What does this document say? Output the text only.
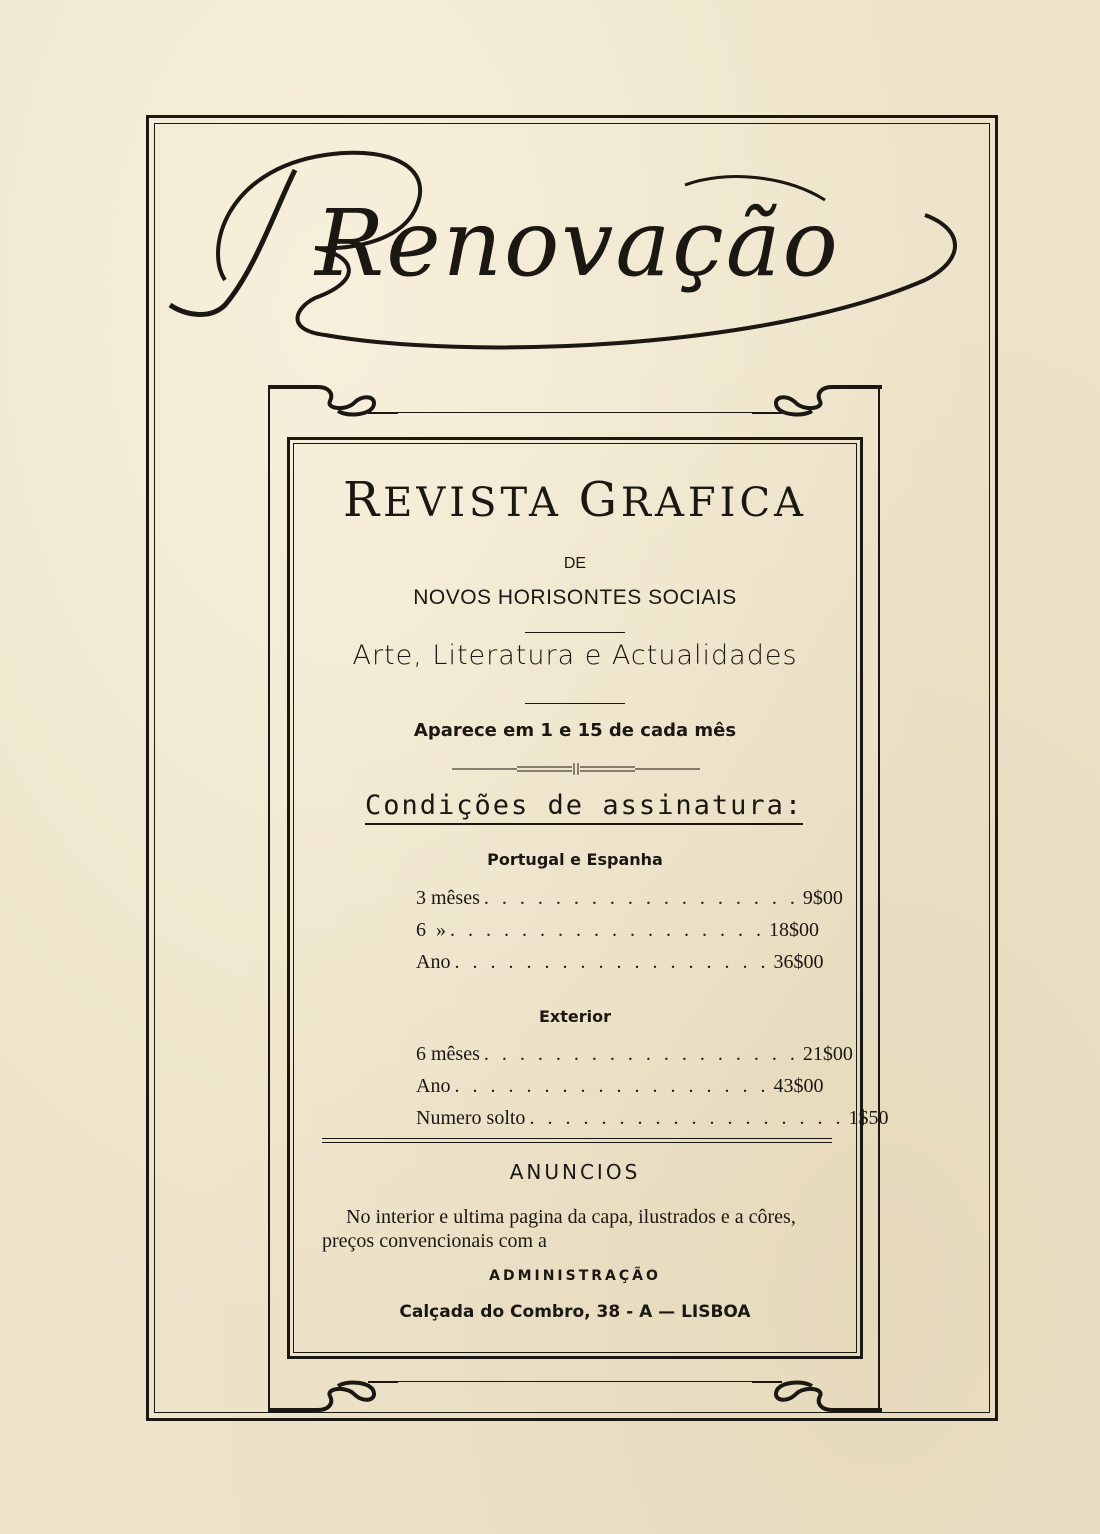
Renovação
REVISTA GRAFICA
DE
NOVOS HORISONTES SOCIAIS
Arte, Literatura e Actualidades
Aparece em 1 e 15 de cada mês
Condições de assinatura:
Portugal e Espanha
3 mêses . . . . . . . . . . . . . . . . . . 9$00
6  » . . . . . . . . . . . . . . . . . . 18$00
Ano . . . . . . . . . . . . . . . . . . 36$00
Exterior
6 mêses . . . . . . . . . . . . . . . . . . 21$00
Ano . . . . . . . . . . . . . . . . . . 43$00
Numero solto . . . . . . . . . . . . . . . . . . 1$50
ANUNCIOS
No interior e ultima pagina da capa, ilustrados e a côres, preços convencionais com a
ADMINISTRAÇÃO
Calçada do Combro, 38 - A — LISBOA
